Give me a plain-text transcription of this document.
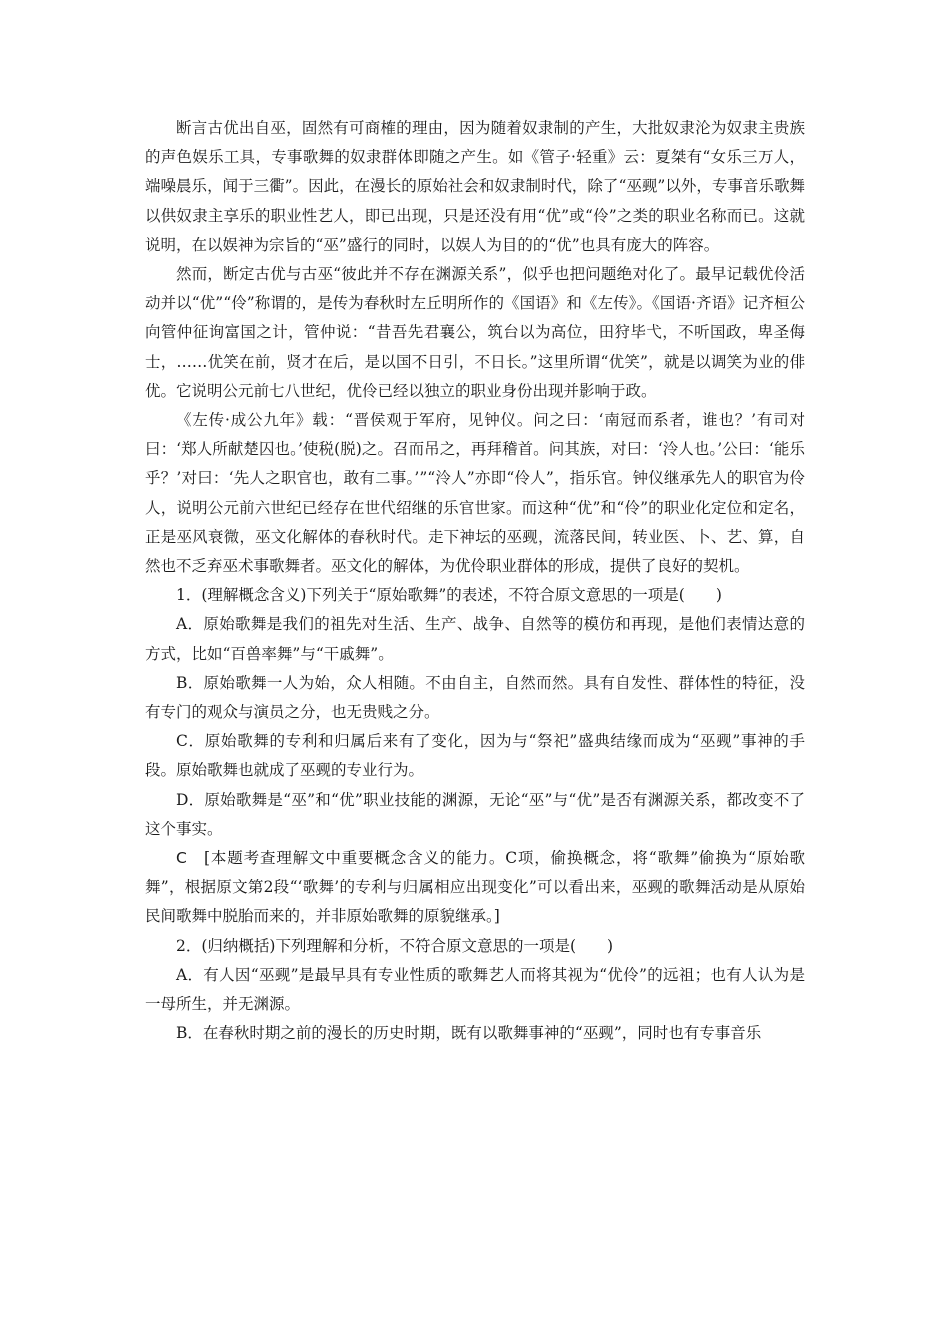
断言古优出自巫，固然有可商榷的理由，因为随着奴隶制的产生，大批奴隶沦为奴隶主贵族的声色娱乐工具，专事歌舞的奴隶群体即随之产生。如《管子·轻重》云：夏桀有“女乐三万人，端噪晨乐，闻于三衢”。因此，在漫长的原始社会和奴隶制时代，除了“巫觋”以外，专事音乐歌舞以供奴隶主享乐的职业性艺人，即已出现，只是还没有用“优”或“伶”之类的职业名称而已。这就说明，在以娱神为宗旨的“巫”盛行的同时，以娱人为目的的“优”也具有庞大的阵容。

然而，断定古优与古巫“彼此并不存在渊源关系”，似乎也把问题绝对化了。最早记载优伶活动并以“优”“伶”称谓的，是传为春秋时左丘明所作的《国语》和《左传》。《国语·齐语》记齐桓公向管仲征询富国之计，管仲说：“昔吾先君襄公，筑台以为高位，田狩毕弋，不听国政，卑圣侮士，……优笑在前，贤才在后，是以国不日引，不日长。”这里所谓“优笑”，就是以调笑为业的俳优。它说明公元前七八世纪，优伶已经以独立的职业身份出现并影响于政。

《左传·成公九年》载：“晋侯观于军府，见钟仪。问之曰：‘南冠而系者，谁也？’有司对曰：‘郑人所献楚囚也。’使税(脱)之。召而吊之，再拜稽首。问其族，对曰：‘泠人也。’公曰：‘能乐乎？’对曰：‘先人之职官也，敢有二事。’”“泠人”亦即“伶人”，指乐官。钟仪继承先人的职官为伶人，说明公元前六世纪已经存在世代绍继的乐官世家。而这种“优”和“伶”的职业化定位和定名，正是巫风衰微，巫文化解体的春秋时代。走下神坛的巫觋，流落民间，转业医、卜、艺、算，自然也不乏弃巫术事歌舞者。巫文化的解体，为优伶职业群体的形成，提供了良好的契机。

1．(理解概念含义)下列关于“原始歌舞”的表述，不符合原文意思的一项是(　　)

A．原始歌舞是我们的祖先对生活、生产、战争、自然等的模仿和再现，是他们表情达意的方式，比如“百兽率舞”与“干戚舞”。

B．原始歌舞一人为始，众人相随。不由自主，自然而然。具有自发性、群体性的特征，没有专门的观众与演员之分，也无贵贱之分。

C．原始歌舞的专利和归属后来有了变化，因为与“祭祀”盛典结缘而成为“巫觋”事神的手段。原始歌舞也就成了巫觋的专业行为。

D．原始歌舞是“巫”和“优”职业技能的渊源，无论“巫”与“优”是否有渊源关系，都改变不了这个事实。

C　[本题考查理解文中重要概念含义的能力。C项，偷换概念，将“歌舞”偷换为“原始歌舞”，根据原文第2段“‘歌舞’的专利与归属相应出现变化”可以看出来，巫觋的歌舞活动是从原始民间歌舞中脱胎而来的，并非原始歌舞的原貌继承。]

2．(归纳概括)下列理解和分析，不符合原文意思的一项是(　　)

A．有人因“巫觋”是最早具有专业性质的歌舞艺人而将其视为“优伶”的远祖；也有人认为是一母所生，并无渊源。

B．在春秋时期之前的漫长的历史时期，既有以歌舞事神的“巫觋”，同时也有专事音乐
